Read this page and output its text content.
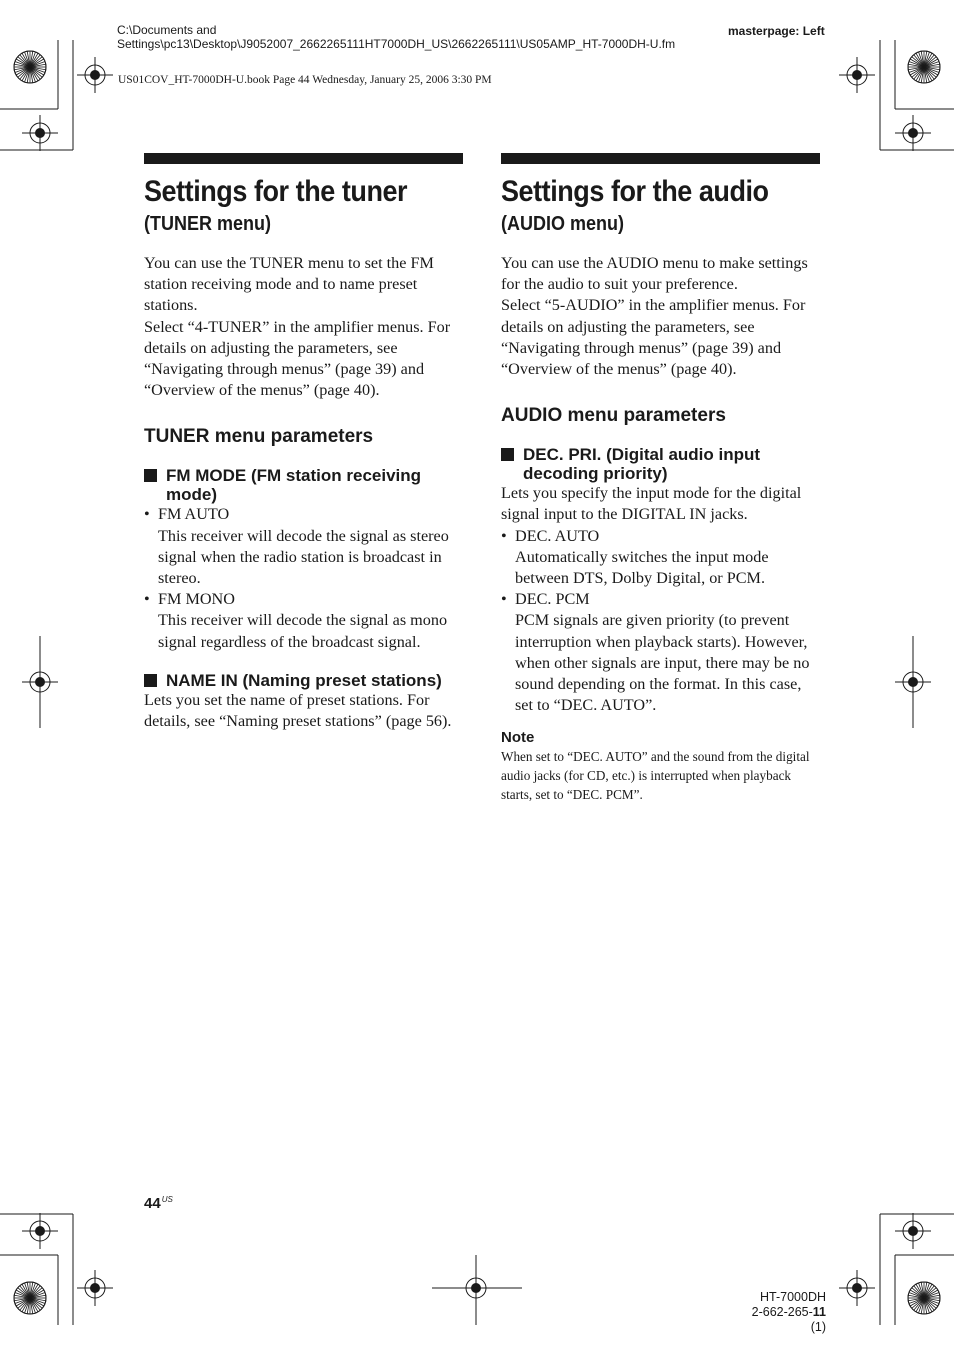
C:\Documents and Settings\pc13\Desktop\J9052007_2662265111HT7000DH_US\2662265111\US05AMP_HT-7000DH-U.fm
US01COV_HT-7000DH-U.book Page 44 Wednesday, January 25, 2006 3:30 PM
masterpage: Left
Settings for the tuner
(TUNER menu)

You can use the TUNER menu to set the FM station receiving mode and to name preset stations.

Select “4-TUNER” in the amplifier menus. For details on adjusting the parameters, see “Navigating through menus” (page 39) and “Overview of the menus” (page 40).

TUNER menu parameters
FM MODE (FM station receiving mode)
• FM AUTO
This receiver will decode the signal as stereo signal when the radio station is broadcast in stereo.
• FM MONO
This receiver will decode the signal as mono signal regardless of the broadcast signal.
NAME IN (Naming preset stations)

Lets you set the name of preset stations. For details, see “Naming preset stations” (page 56).

Settings for the audio
(AUDIO menu)

You can use the AUDIO menu to make settings for the audio to suit your preference.

Select “5-AUDIO” in the amplifier menus. For details on adjusting the parameters, see “Navigating through menus” (page 39) and “Overview of the menus” (page 40).

AUDIO menu parameters
DEC. PRI. (Digital audio input decoding priority)

Lets you specify the input mode for the digital signal input to the DIGITAL IN jacks.

• DEC. AUTO
Automatically switches the input mode between DTS, Dolby Digital, or PCM.
• DEC. PCM
PCM signals are given priority (to prevent interruption when playback starts). However, when other signals are input, there may be no sound depending on the format. In this case, set to “DEC. AUTO”.
Note
When set to “DEC. AUTO” and the sound from the digital audio jacks (for CD, etc.) is interrupted when playback starts, set to “DEC. PCM”.
$44^{US}$
HT-7000DH
2-662-265-11 (1)
